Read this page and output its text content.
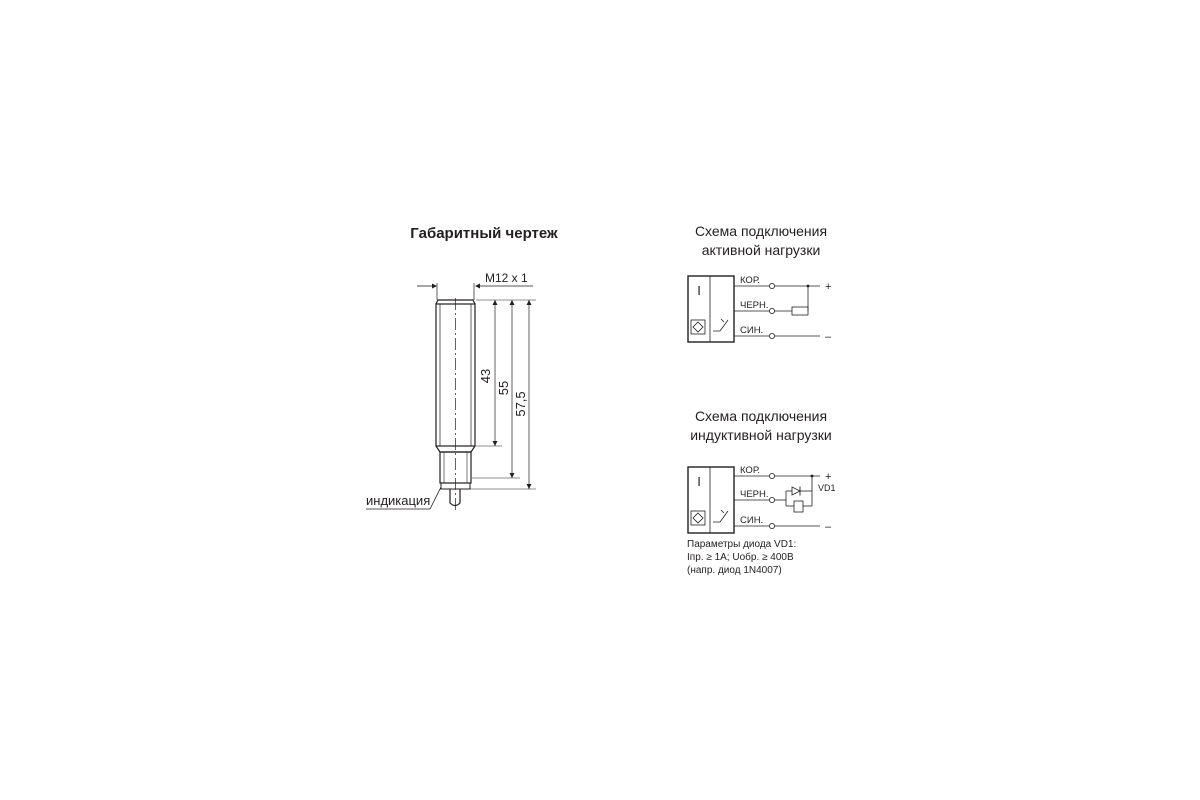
Габаритный чертеж
M12 x 1
43
55
57,5
индикация
Схема подключения
активной нагрузки
I
КОР.
ЧЕРН.
СИН.
+
–
Схема подключения
индуктивной нагрузки
I
КОР.
ЧЕРН.
СИН.
VD1
+
–
Параметры диода VD1:
Iпр. ≥ 1А; Uобр. ≥ 400В
(напр. диод 1N4007)
